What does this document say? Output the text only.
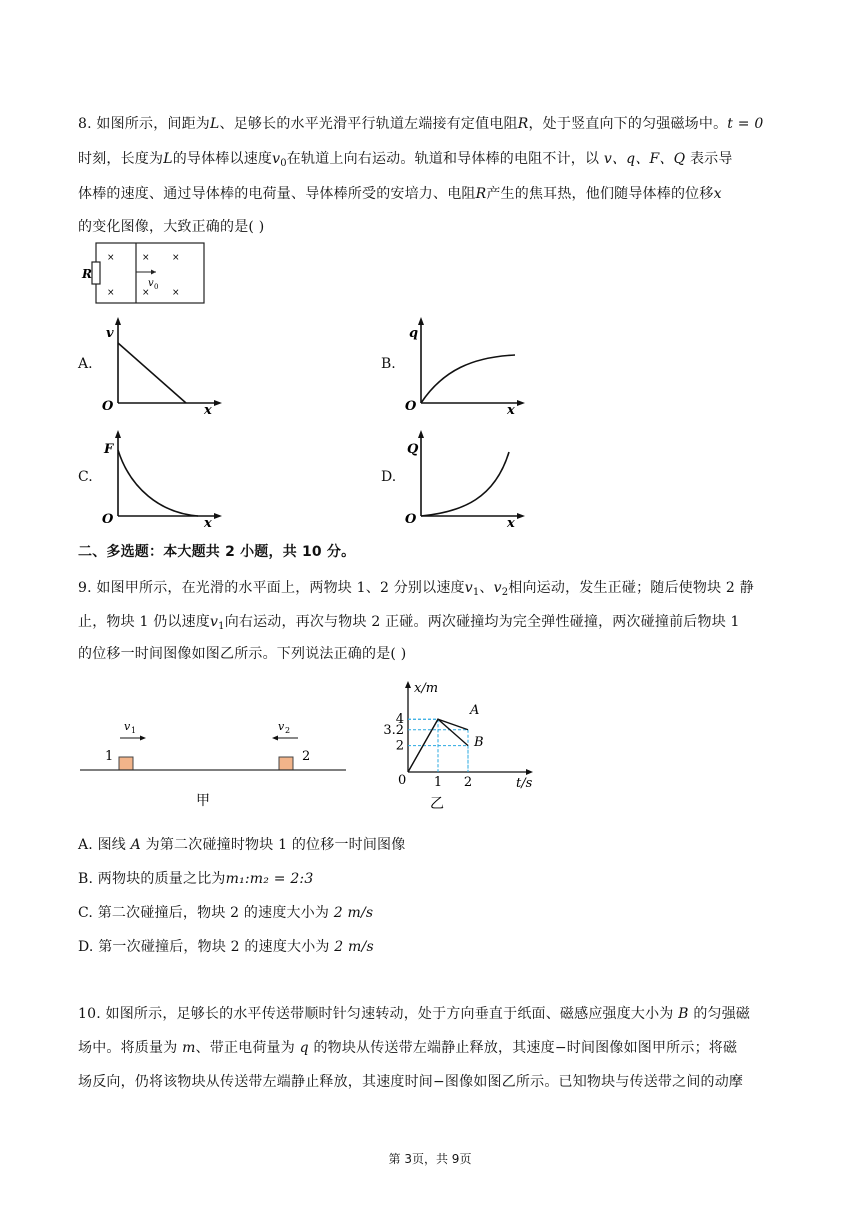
8. 如图所示，间距为L、足够长的水平光滑平行轨道左端接有定值电阻R，处于竖直向下的匀强磁场中。t = 0
时刻，长度为L的导体棒以速度$v_0$在轨道上向右运动。轨道和导体棒的电阻不计，以 v、q、F、Q 表示导
体棒的速度、通过导体棒的电荷量、导体棒所受的安培力、电阻R产生的焦耳热，他们随导体棒的位移x
的变化图像，大致正确的是( )
R
v 0
×	× ×
×	× ×
A.
v
O	x
B.
q
O	x
C.
F
O	x
D.
Q
O	x
二、多选题：本大题共 2 小题，共 10 分。
9. 如图甲所示，在光滑的水平面上，两物块 1、2 分别以速度$v_1$、$v_2$相向运动，发生正碰；随后使物块 2 静
止，物块 1 仍以速度$v_1$向右运动，再次与物块 2 正碰。两次碰撞均为完全弹性碰撞，两次碰撞前后物块 1
的位移一时间图像如图乙所示。下列说法正确的是( )
v 1	v 2
1	2
甲
x/m
t/s
0
2
3.2
4
1 2
A
B
乙
A. 图线 A 为第二次碰撞时物块 1 的位移一时间图像
B. 两物块的质量之比为m₁:m₂ = 2:3
C. 第二次碰撞后，物块 2 的速度大小为 2 m/s
D. 第一次碰撞后，物块 2 的速度大小为 2 m/s
10. 如图所示，足够长的水平传送带顺时针匀速转动，处于方向垂直于纸面、磁感应强度大小为 B 的匀强磁
场中。将质量为 m、带正电荷量为 q 的物块从传送带左端静止释放，其速度−时间图像如图甲所示；将磁
场反向，仍将该物块从传送带左端静止释放，其速度时间−图像如图乙所示。已知物块与传送带之间的动摩
第 3页，共 9页
